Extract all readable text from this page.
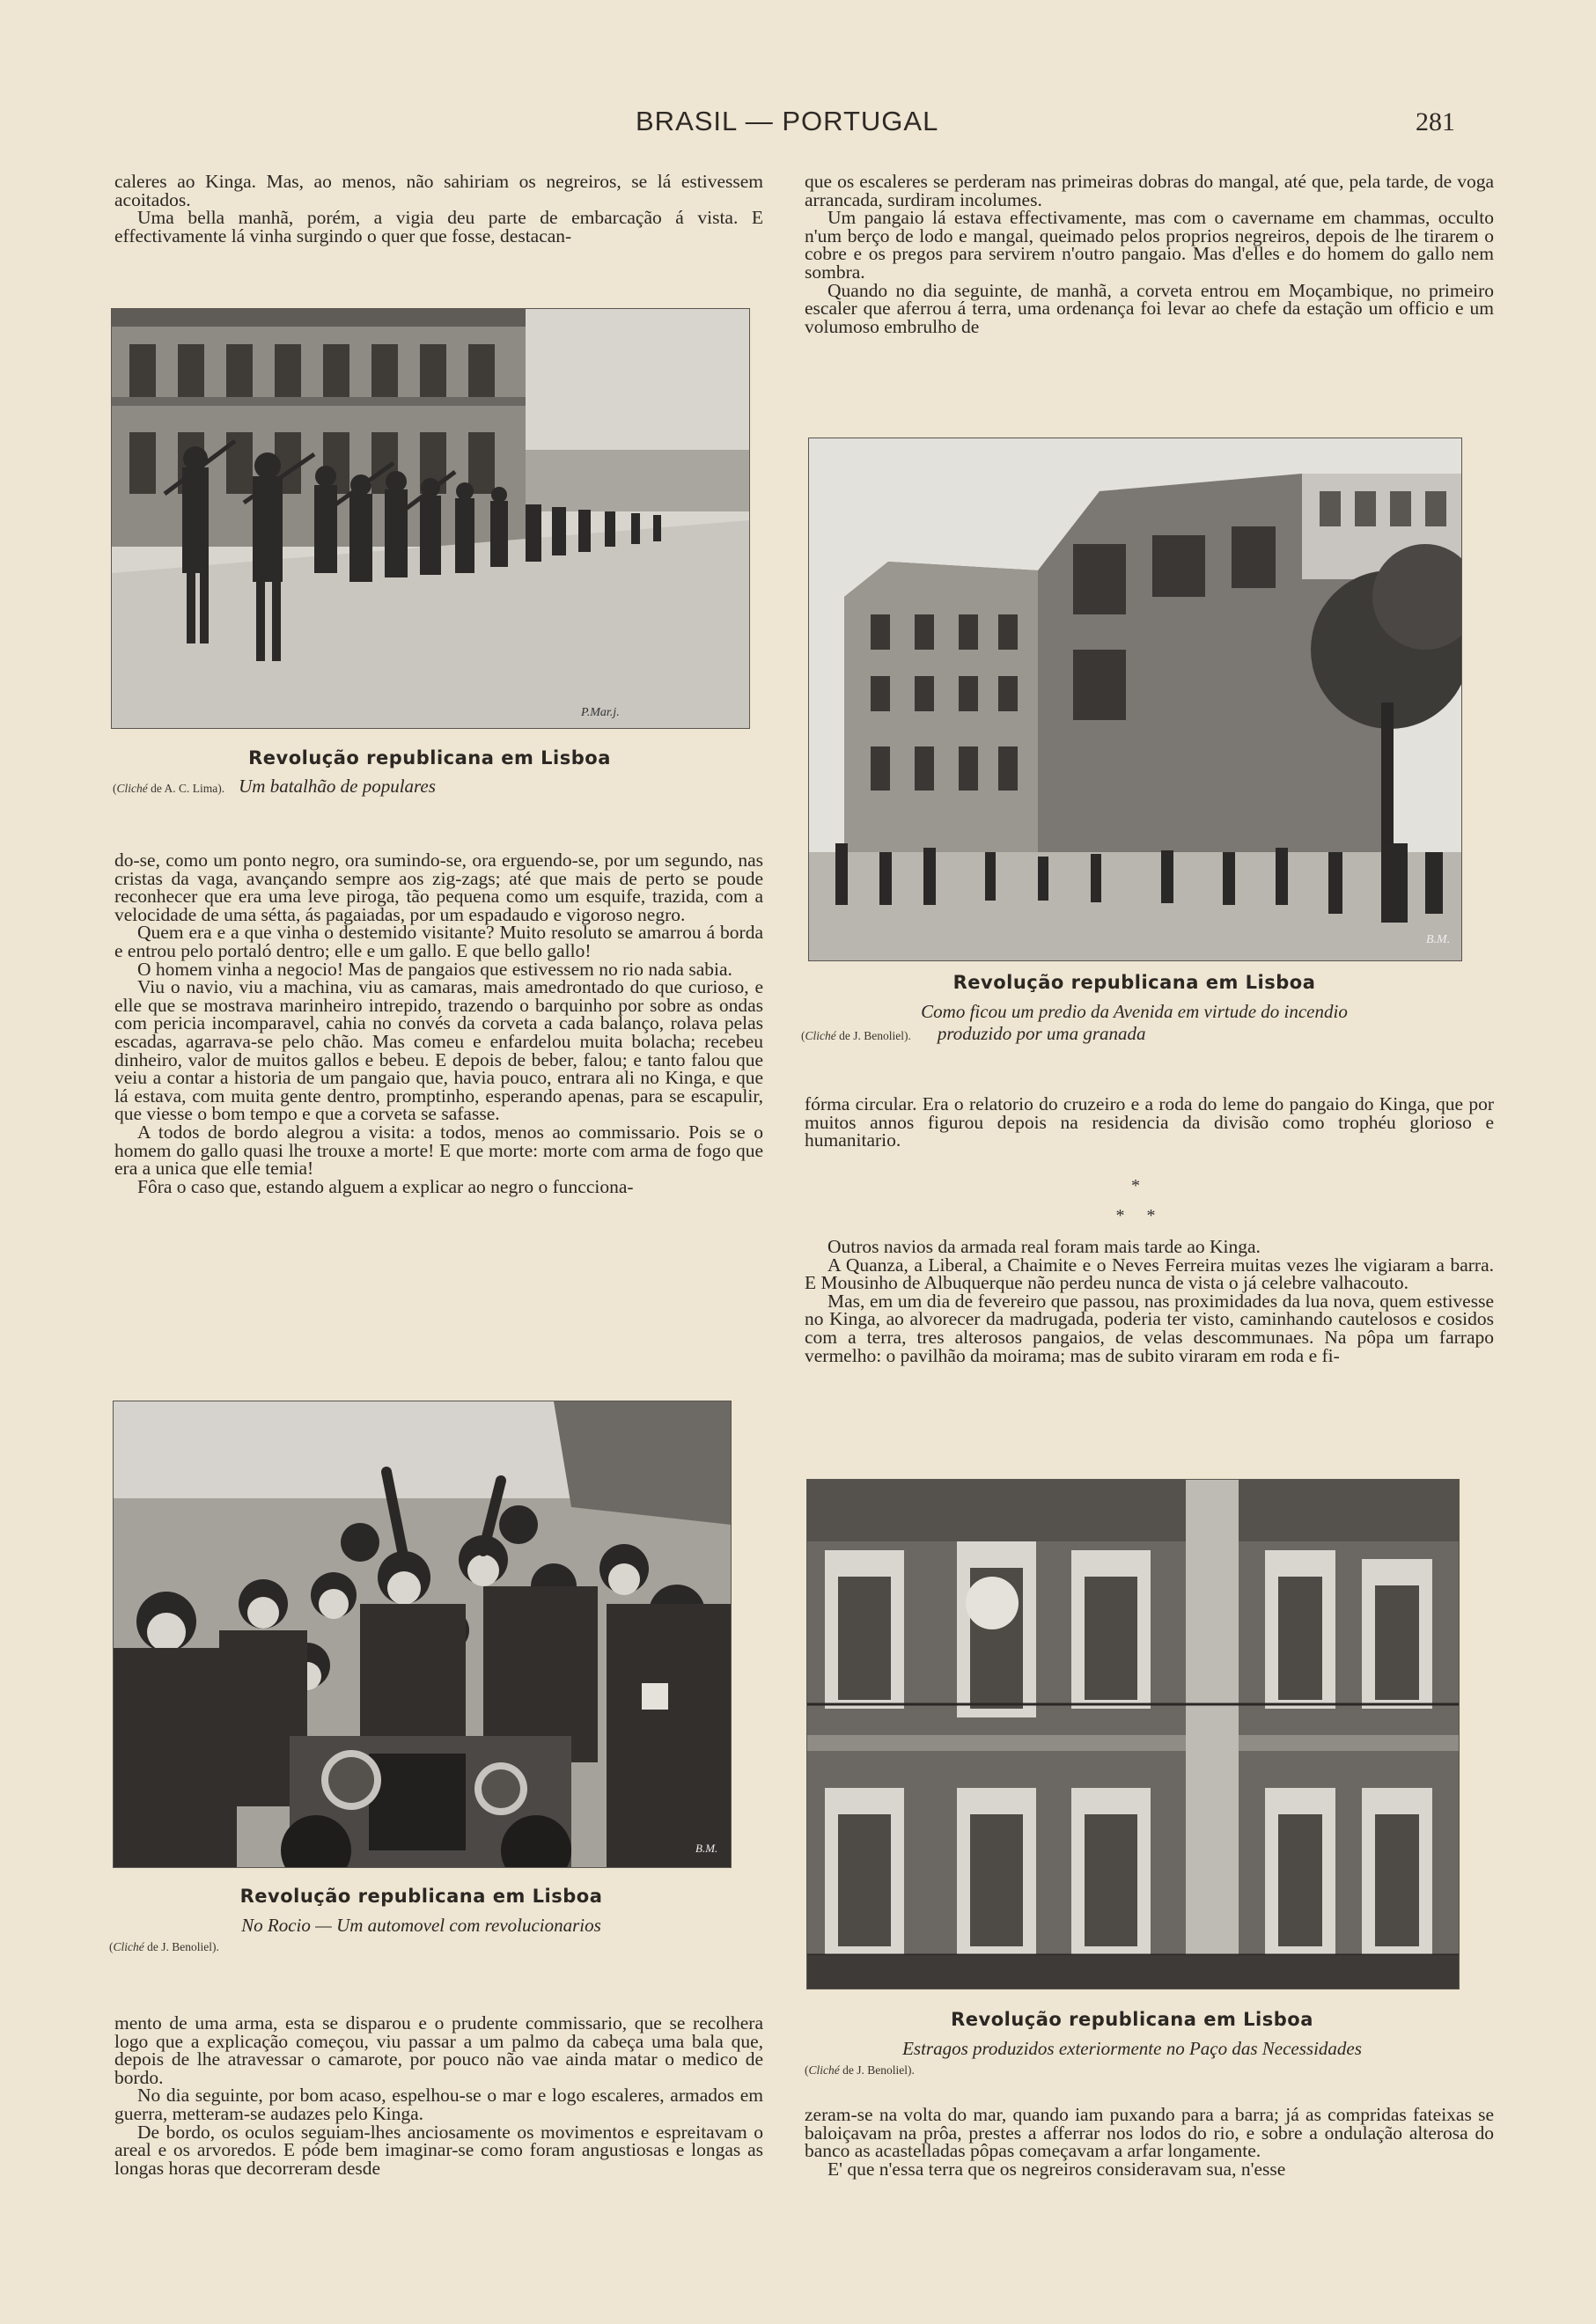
BRASIL — PORTUGAL	281

caleres ao Kinga. Mas, ao menos, não sahiriam os negreiros, se lá estivessem acoitados.

Uma bella manhã, porém, a vigia deu parte de embarcação á vista. E effectivamente lá vinha surgindo o quer que fosse, destacan-

que os escaleres se perderam nas primeiras dobras do mangal, até que, pela tarde, de voga arrancada, surdiram incolumes.

Um pangaio lá estava effectivamente, mas com o cavername em chammas, occulto n'um berço de lodo e mangal, queimado pelos proprios negreiros, depois de lhe tirarem o cobre e os pregos para servirem n'outro pangaio. Mas d'elles e do homem do gallo nem sombra.

Quando no dia seguinte, de manhã, a corveta entrou em Moçambique, no primeiro escaler que aferrou á terra, uma ordenança foi levar ao chefe da estação um officio e um volumoso embrulho de

P.Mar.j.
Revolução republicana em Lisboa
(Cliché de A. C. Lima). Um batalhão de populares
B.M.
Revolução republicana em Lisboa
Como ficou um predio da Avenida em virtude do incendio
(Cliché de J. Benoliel). produzido por uma granada

do-se, como um ponto negro, ora sumindo-se, ora erguendo-se, por um segundo, nas cristas da vaga, avançando sempre aos zig-zags; até que mais de perto se poude reconhecer que era uma leve piroga, tão pequena como um esquife, trazida, com a velocidade de uma sétta, ás pagaiadas, por um espadaudo e vigoroso negro.

Quem era e a que vinha o destemido visitante? Muito resoluto se amarrou á borda e entrou pelo portaló dentro; elle e um gallo. E que bello gallo!

O homem vinha a negocio! Mas de pangaios que estivessem no rio nada sabia.

Viu o navio, viu a machina, viu as camaras, mais amedrontado do que curioso, e elle que se mostrava marinheiro intrepido, trazendo o barquinho por sobre as ondas com pericia incomparavel, cahia no convés da corveta a cada balanço, rolava pelas escadas, agarrava-se pelo chão. Mas comeu e enfardelou muita bolacha; recebeu dinheiro, valor de muitos gallos e bebeu. E depois de beber, falou; e tanto falou que veiu a contar a historia de um pangaio que, havia pouco, entrara ali no Kinga, e que lá estava, com muita gente dentro, promptinho, esperando apenas, para se escapulir, que viesse o bom tempo e que a corveta se safasse.

A todos de bordo alegrou a visita: a todos, menos ao commissario. Pois se o homem do gallo quasi lhe trouxe a morte! E que morte: morte com arma de fogo que era a unica que elle temia!

Fôra o caso que, estando alguem a explicar ao negro o funcciona-

fórma circular. Era o relatorio do cruzeiro e a roda do leme do pangaio do Kinga, que por muitos annos figurou depois na residencia da divisão como trophéu glorioso e humanitario.

*
*     *

Outros navios da armada real foram mais tarde ao Kinga.

A Quanza, a Liberal, a Chaimite e o Neves Ferreira muitas vezes lhe vigiaram a barra. E Mousinho de Albuquerque não perdeu nunca de vista o já celebre valhacouto.

Mas, em um dia de fevereiro que passou, nas proximidades da lua nova, quem estivesse no Kinga, ao alvorecer da madrugada, poderia ter visto, caminhando cautelosos e cosidos com a terra, tres alterosos pangaios, de velas descommunaes. Na pôpa um farrapo vermelho: o pavilhão da moirama; mas de subito viraram em roda e fi-

B.M.
Revolução republicana em Lisboa
No Rocio — Um automovel com revolucionarios
(Cliché de J. Benoliel).
Revolução republicana em Lisboa
Estragos produzidos exteriormente no Paço das Necessidades
(Cliché de J. Benoliel).

mento de uma arma, esta se disparou e o prudente commissario, que se recolhera logo que a explicação começou, viu passar a um palmo da cabeça uma bala que, depois de lhe atravessar o camarote, por pouco não vae ainda matar o medico de bordo.

No dia seguinte, por bom acaso, espelhou-se o mar e logo escaleres, armados em guerra, metteram-se audazes pelo Kinga.

De bordo, os oculos seguiam-lhes anciosamente os movimentos e espreitavam o areal e os arvoredos. E póde bem imaginar-se como foram angustiosas e longas as longas horas que decorreram desde

zeram-se na volta do mar, quando iam puxando para a barra; já as compridas fateixas se baloiçavam na prôa, prestes a afferrar nos lodos do rio, e sobre a ondulação alterosa do banco as acastelladas pôpas começavam a arfar longamente.

E' que n'essa terra que os negreiros consideravam sua, n'esse
